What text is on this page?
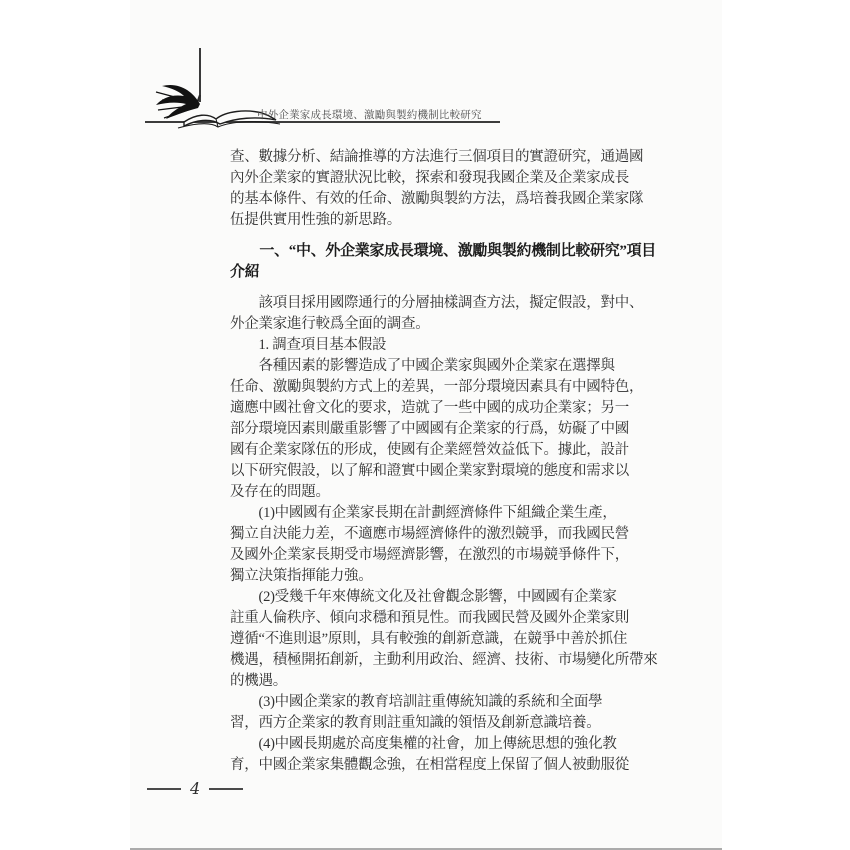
中外企業家成長環境、激勵與製約機制比較研究
查、數據分析、結論推導的方法進行三個項目的實證研究，通過國
內外企業家的實證狀況比較，探索和發現我國企業及企業家成長
的基本條件、有效的任命、激勵與製約方法，爲培養我國企業家隊
伍提供實用性強的新思路。
　　一、“中、外企業家成長環境、激勵與製約機制比較研究”項目
介紹
　　該項目採用國際通行的分層抽樣調查方法，擬定假設，對中、
外企業家進行較爲全面的調查。
　　1. 調查項目基本假設
　　各種因素的影響造成了中國企業家與國外企業家在選擇與
任命、激勵與製約方式上的差異，一部分環境因素具有中國特色，
適應中國社會文化的要求，造就了一些中國的成功企業家；另一
部分環境因素則嚴重影響了中國國有企業家的行爲，妨礙了中國
國有企業家隊伍的形成，使國有企業經營效益低下。據此，設計
以下研究假設，以了解和證實中國企業家對環境的態度和需求以
及存在的問題。
　　(1)中國國有企業家長期在計劃經濟條件下組織企業生產，
獨立自決能力差，不適應市場經濟條件的激烈競爭，而我國民營
及國外企業家長期受市場經濟影響，在激烈的市場競爭條件下，
獨立決策指揮能力強。
　　(2)受幾千年來傳統文化及社會觀念影響，中國國有企業家
註重人倫秩序、傾向求穩和預見性。而我國民營及國外企業家則
遵循“不進則退”原則，具有較強的創新意識，在競爭中善於抓住
機遇，積極開拓創新，主動利用政治、經濟、技術、市場變化所帶來
的機遇。
　　(3)中國企業家的教育培訓註重傳統知識的系統和全面學
習，西方企業家的教育則註重知識的領悟及創新意識培養。
　　(4)中國長期處於高度集權的社會，加上傳統思想的強化教
育，中國企業家集體觀念強，在相當程度上保留了個人被動服從
4
